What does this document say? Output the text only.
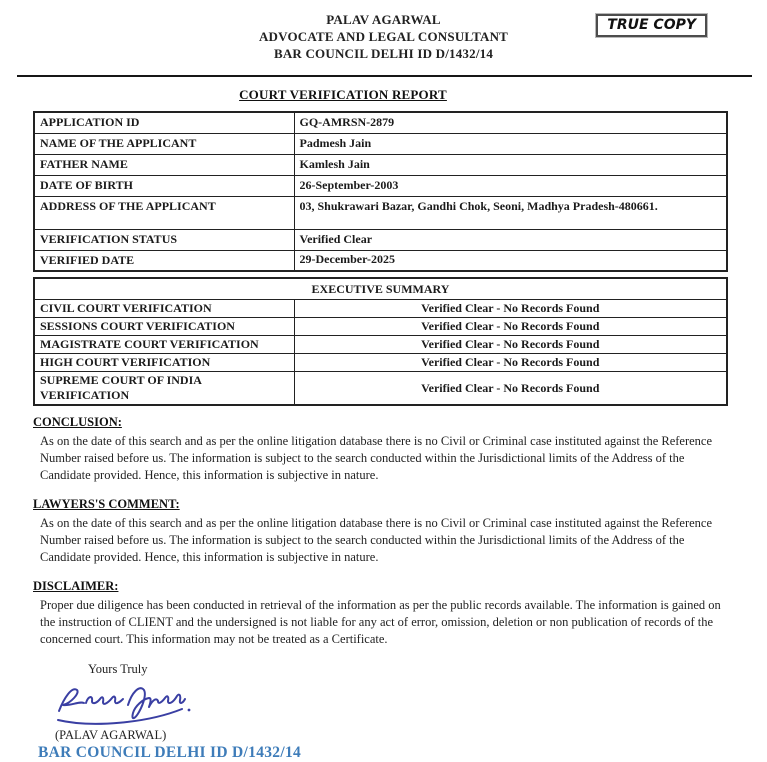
TRUE COPY
PALAV AGARWAL
ADVOCATE AND LEGAL CONSULTANT
BAR COUNCIL DELHI ID D/1432/14
COURT VERIFICATION REPORT
APPLICATION ID	GQ-AMRSN-2879
NAME OF THE APPLICANT	Padmesh Jain
FATHER NAME	Kamlesh Jain
DATE OF BIRTH	26-September-2003
ADDRESS OF THE APPLICANT	03, Shukrawari Bazar, Gandhi Chok, Seoni, Madhya Pradesh-480661.
VERIFICATION STATUS	Verified Clear
VERIFIED DATE	29-December-2025
EXECUTIVE SUMMARY	
CIVIL COURT VERIFICATION	Verified Clear - No Records Found
SESSIONS COURT VERIFICATION	Verified Clear - No Records Found
MAGISTRATE COURT VERIFICATION	Verified Clear - No Records Found
HIGH COURT VERIFICATION	Verified Clear - No Records Found
SUPREME COURT OF INDIA VERIFICATION	Verified Clear - No Records Found
CONCLUSION:
As on the date of this search and as per the online litigation database there is no Civil or Criminal case instituted against the Reference Number raised before us. The information is subject to the search conducted within the Jurisdictional limits of the Address of the Candidate provided. Hence, this information is subjective in nature.
LAWYERS'S COMMENT:
As on the date of this search and as per the online litigation database there is no Civil or Criminal case instituted against the Reference Number raised before us. The information is subject to the search conducted within the Jurisdictional limits of the Address of the Candidate provided. Hence, this information is subjective in nature.
DISCLAIMER:
Proper due diligence has been conducted in retrieval of the information as per the public records available. The information is gained on the instruction of CLIENT and the undersigned is not liable for any act of error, omission, deletion or non publication of records of the concerned court. This information may not be treated as a Certificate.
Yours Truly
(PALAV AGARWAL)
BAR COUNCIL DELHI ID D/1432/14
